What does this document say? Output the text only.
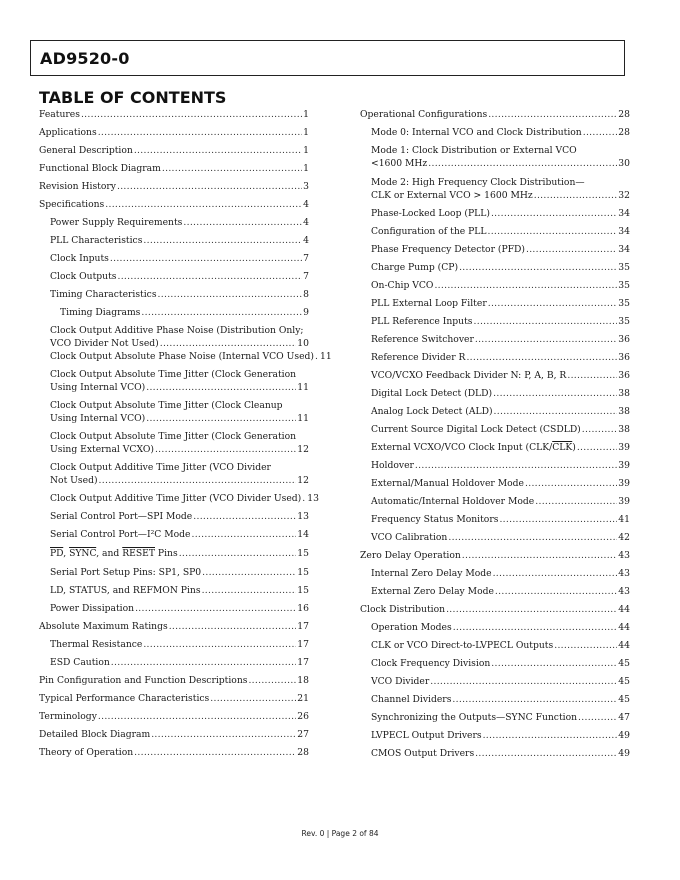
AD9520-0
TABLE OF CONTENTS
Features .....	1
Applications .....	1
General Description .....	1
Functional Block Diagram .....	1
Revision History .....	3
Specifications .....	4
Power Supply Requirements .....	4
PLL Characteristics .....	4
Clock Inputs .....	7
Clock Outputs .....	7
Timing Characteristics .....	8
Timing Diagrams .....	9
Clock Output Additive Phase Noise (Distribution Only;
VCO Divider Not Used) .....	10
Clock Output Absolute Phase Noise (Internal VCO Used) ..... 11
Clock Output Absolute Time Jitter (Clock Generation
Using Internal VCO) .....	11
Clock Output Absolute Time Jitter (Clock Cleanup
Using Internal VCO) .....	11
Clock Output Absolute Time Jitter (Clock Generation
Using External VCXO) .....	12
Clock Output Additive Time Jitter (VCO Divider
Not Used) .....	12
Clock Output Additive Time Jitter (VCO Divider Used) ..... 13
Serial Control Port—SPI Mode .....	13
Serial Control Port—I²C Mode .....	14
$\overline{PD}$, SYNC, and RESET Pins .....	15
Serial Port Setup Pins: SP1, SP0 .....	15
LD, STATUS, and REFMON Pins .....	15
Power Dissipation .....	16
Absolute Maximum Ratings .....	17
Thermal Resistance .....	17
ESD Caution .....	17
Pin Configuration and Function Descriptions .....	18
Typical Performance Characteristics .....	21
Terminology .....	26
Detailed Block Diagram .....	27
Theory of Operation .....	28
Operational Configurations .....	28
Mode 0: Internal VCO and Clock Distribution .....	28
Mode 1: Clock Distribution or External VCO
<1600 MHz .....	30
Mode 2: High Frequency Clock Distribution—
CLK or External VCO > 1600 MHz .....	32
Phase-Locked Loop (PLL) .....	34
Configuration of the PLL .....	34
Phase Frequency Detector (PFD) .....	34
Charge Pump (CP) .....	35
On-Chip VCO .....	35
PLL External Loop Filter .....	35
PLL Reference Inputs .....	35
Reference Switchover .....	36
Reference Divider R .....	36
VCO/VCXO Feedback Divider N: P, A, B, R .....	36
Digital Lock Detect (DLD) .....	38
Analog Lock Detect (ALD) .....	38
Current Source Digital Lock Detect (CSDLD) .....	38
External VCXO/VCO Clock Input $(CLK/\overline{CLK})$ .....	39
Holdover .....	39
External/Manual Holdover Mode .....	39
Automatic/Internal Holdover Mode .....	39
Frequency Status Monitors .....	41
VCO Calibration .....	42
Zero Delay Operation .....	43
Internal Zero Delay Mode .....	43
External Zero Delay Mode .....	43
Clock Distribution .....	44
Operation Modes .....	44
CLK or VCO Direct-to-LVPECL Outputs .....	44
Clock Frequency Division .....	45
VCO Divider .....	45
Channel Dividers .....	45
Synchronizing the Outputs—SYNC Function .....	47
LVPECL Output Drivers .....	49
CMOS Output Drivers .....	49
Rev. 0 | Page 2 of 84
